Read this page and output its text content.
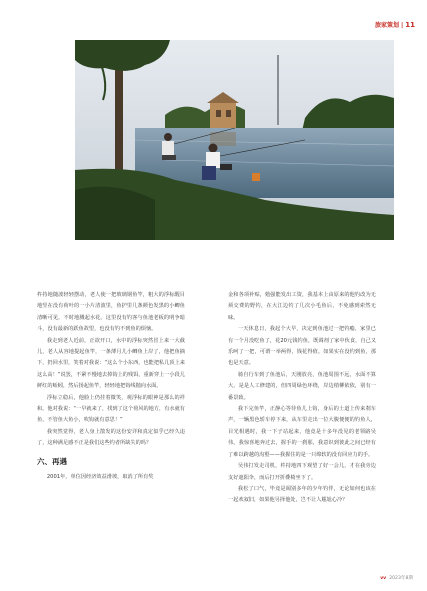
旅家策划 | 11

杵持地随波轻轻摆动，老人使一把玻璃钢鱼竿，粗大的浮标醒目地竖在没有荷叶的一小片清波里，鱼护里几条颜色发黑的小鲫鱼清晰可见，不时地溅起水花。这里没有钓客与鱼池老板的明争暗斗，没有最新的跃鱼故望，也没有钓不到鱼的烦恼。

我走到老人近前，正欲开口，水中的浮标突然冒上来一大截儿，老人从容地提起鱼竿，一条薄月儿小鲫鱼上岸了，他把鱼摘下，扔回水里，笑着对我说：“这么个小东西，也能把私儿顶上来这么高！”说罢，不紧不慢地去掉钩上的残饵，重新穿上一小段儿鲜红的蚯蚓，然后扬起鱼竿，轻轻地把钩线抛向水面。

浮标立稳后，他脸上仍挂着微笑，观浮标的眼神是那么的祥和。他对我说：“一早就来了，找到了这个荷风的地方，有水就有鱼，不管鱼大鱼小，吹钩就有意思！”

我突然觉得，老人身上散发的这份安详和真定似乎已经久违了，这种满足感不正是我们这些钓者所缺失的吗？

六、再遇

2001年，单位因经济效益滑坡，取消了所有奖

金和各项补贴，勉强能发出工资，我基本上由原来的他钓改为无须交费的野钓，在大江边钓了几次小毛鱼后，不免感到索然无味。

一天休息日，我起个大早，决定到鱼池过一把钓瘾，家里已有一个月没吃鱼了，花20元钱钓鱼，既调剂了家中伙食，自己又乐呵了一把，可谓一举两得，钱花得值。如果实在没钓到鱼，那也是天意。

骑自行车到了鱼池后，天刚放亮，鱼池周围不远，水面不算大，是是人工修建的，但四周绿色环绕，岸边梢柳依依，别有一番景致。

我下完鱼竿，正静心等待鱼儿上钩，身后的土道上传来刹车声，一辆黑色轿车停下来，从车里走出一位大腹便便的钓鱼人，目光相遇时，我一下子站起来，他竟是十多年没见的老领路吴伟。我惊喜地奔过去，握手的一刹那，我意识到彼此之间已经有了难以跨越的沟壑——我握住的是一只绵软的没有回应力的手。

吴伟打发走司机，杵持地四下观望了好一会儿，才在我旁边支好遮阳伞，而后打开折叠椅坐下了。

我松了口气，毕竟是阔别多年的少年钓伴，无论如何也该在一起欢叙旧，如果他另择他处，岂不让人尴尬心冷？

vv 2023年8期
